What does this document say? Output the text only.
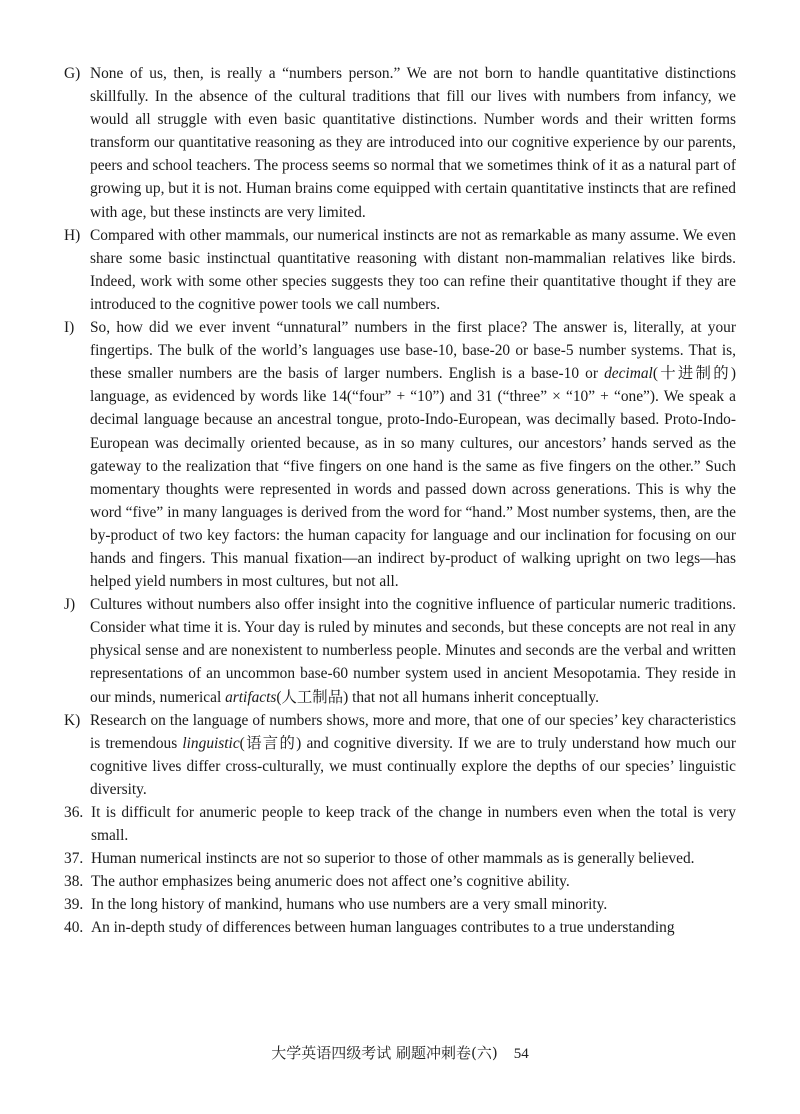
G) None of us, then, is really a “numbers person.” We are not born to handle quantitative distinctions skillfully. In the absence of the cultural traditions that fill our lives with numbers from infancy, we would all struggle with even basic quantitative distinctions. Number words and their written forms transform our quantitative reasoning as they are introduced into our cognitive experience by our parents, peers and school teachers. The process seems so normal that we sometimes think of it as a natural part of growing up, but it is not. Human brains come equipped with certain quantitative instincts that are refined with age, but these instincts are very limited.
H) Compared with other mammals, our numerical instincts are not as remarkable as many assume. We even share some basic instinctual quantitative reasoning with distant non-mammalian relatives like birds. Indeed, work with some other species suggests they too can refine their quantitative thought if they are introduced to the cognitive power tools we call numbers.
I) So, how did we ever invent “unnatural” numbers in the first place? The answer is, literally, at your fingertips. The bulk of the world’s languages use base-10, base-20 or base-5 number systems. That is, these smaller numbers are the basis of larger numbers. English is a base-10 or decimal(十进制的) language, as evidenced by words like 14(“four” + “10”) and 31 (“three” × “10” + “one”). We speak a decimal language because an ancestral tongue, proto-Indo-European, was decimally based. Proto-Indo-European was decimally oriented because, as in so many cultures, our ancestors’ hands served as the gateway to the realization that “five fingers on one hand is the same as five fingers on the other.” Such momentary thoughts were represented in words and passed down across generations. This is why the word “five” in many languages is derived from the word for “hand.” Most number systems, then, are the by-product of two key factors: the human capacity for language and our inclination for focusing on our hands and fingers. This manual fixation—an indirect by-product of walking upright on two legs—has helped yield numbers in most cultures, but not all.
J) Cultures without numbers also offer insight into the cognitive influence of particular numeric traditions. Consider what time it is. Your day is ruled by minutes and seconds, but these concepts are not real in any physical sense and are nonexistent to numberless people. Minutes and seconds are the verbal and written representations of an uncommon base-60 number system used in ancient Mesopotamia. They reside in our minds, numerical artifacts(人工制品) that not all humans inherit conceptually.
K) Research on the language of numbers shows, more and more, that one of our species’ key characteristics is tremendous linguistic(语言的) and cognitive diversity. If we are to truly understand how much our cognitive lives differ cross-culturally, we must continually explore the depths of our species’ linguistic diversity.
36. It is difficult for anumeric people to keep track of the change in numbers even when the total is very small.
37. Human numerical instincts are not so superior to those of other mammals as is generally believed.
38. The author emphasizes being anumeric does not affect one’s cognitive ability.
39. In the long history of mankind, humans who use numbers are a very small minority.
40. An in-depth study of differences between human languages contributes to a true understanding
大学英语四级考试 刷题冲刺卷(六) 54
